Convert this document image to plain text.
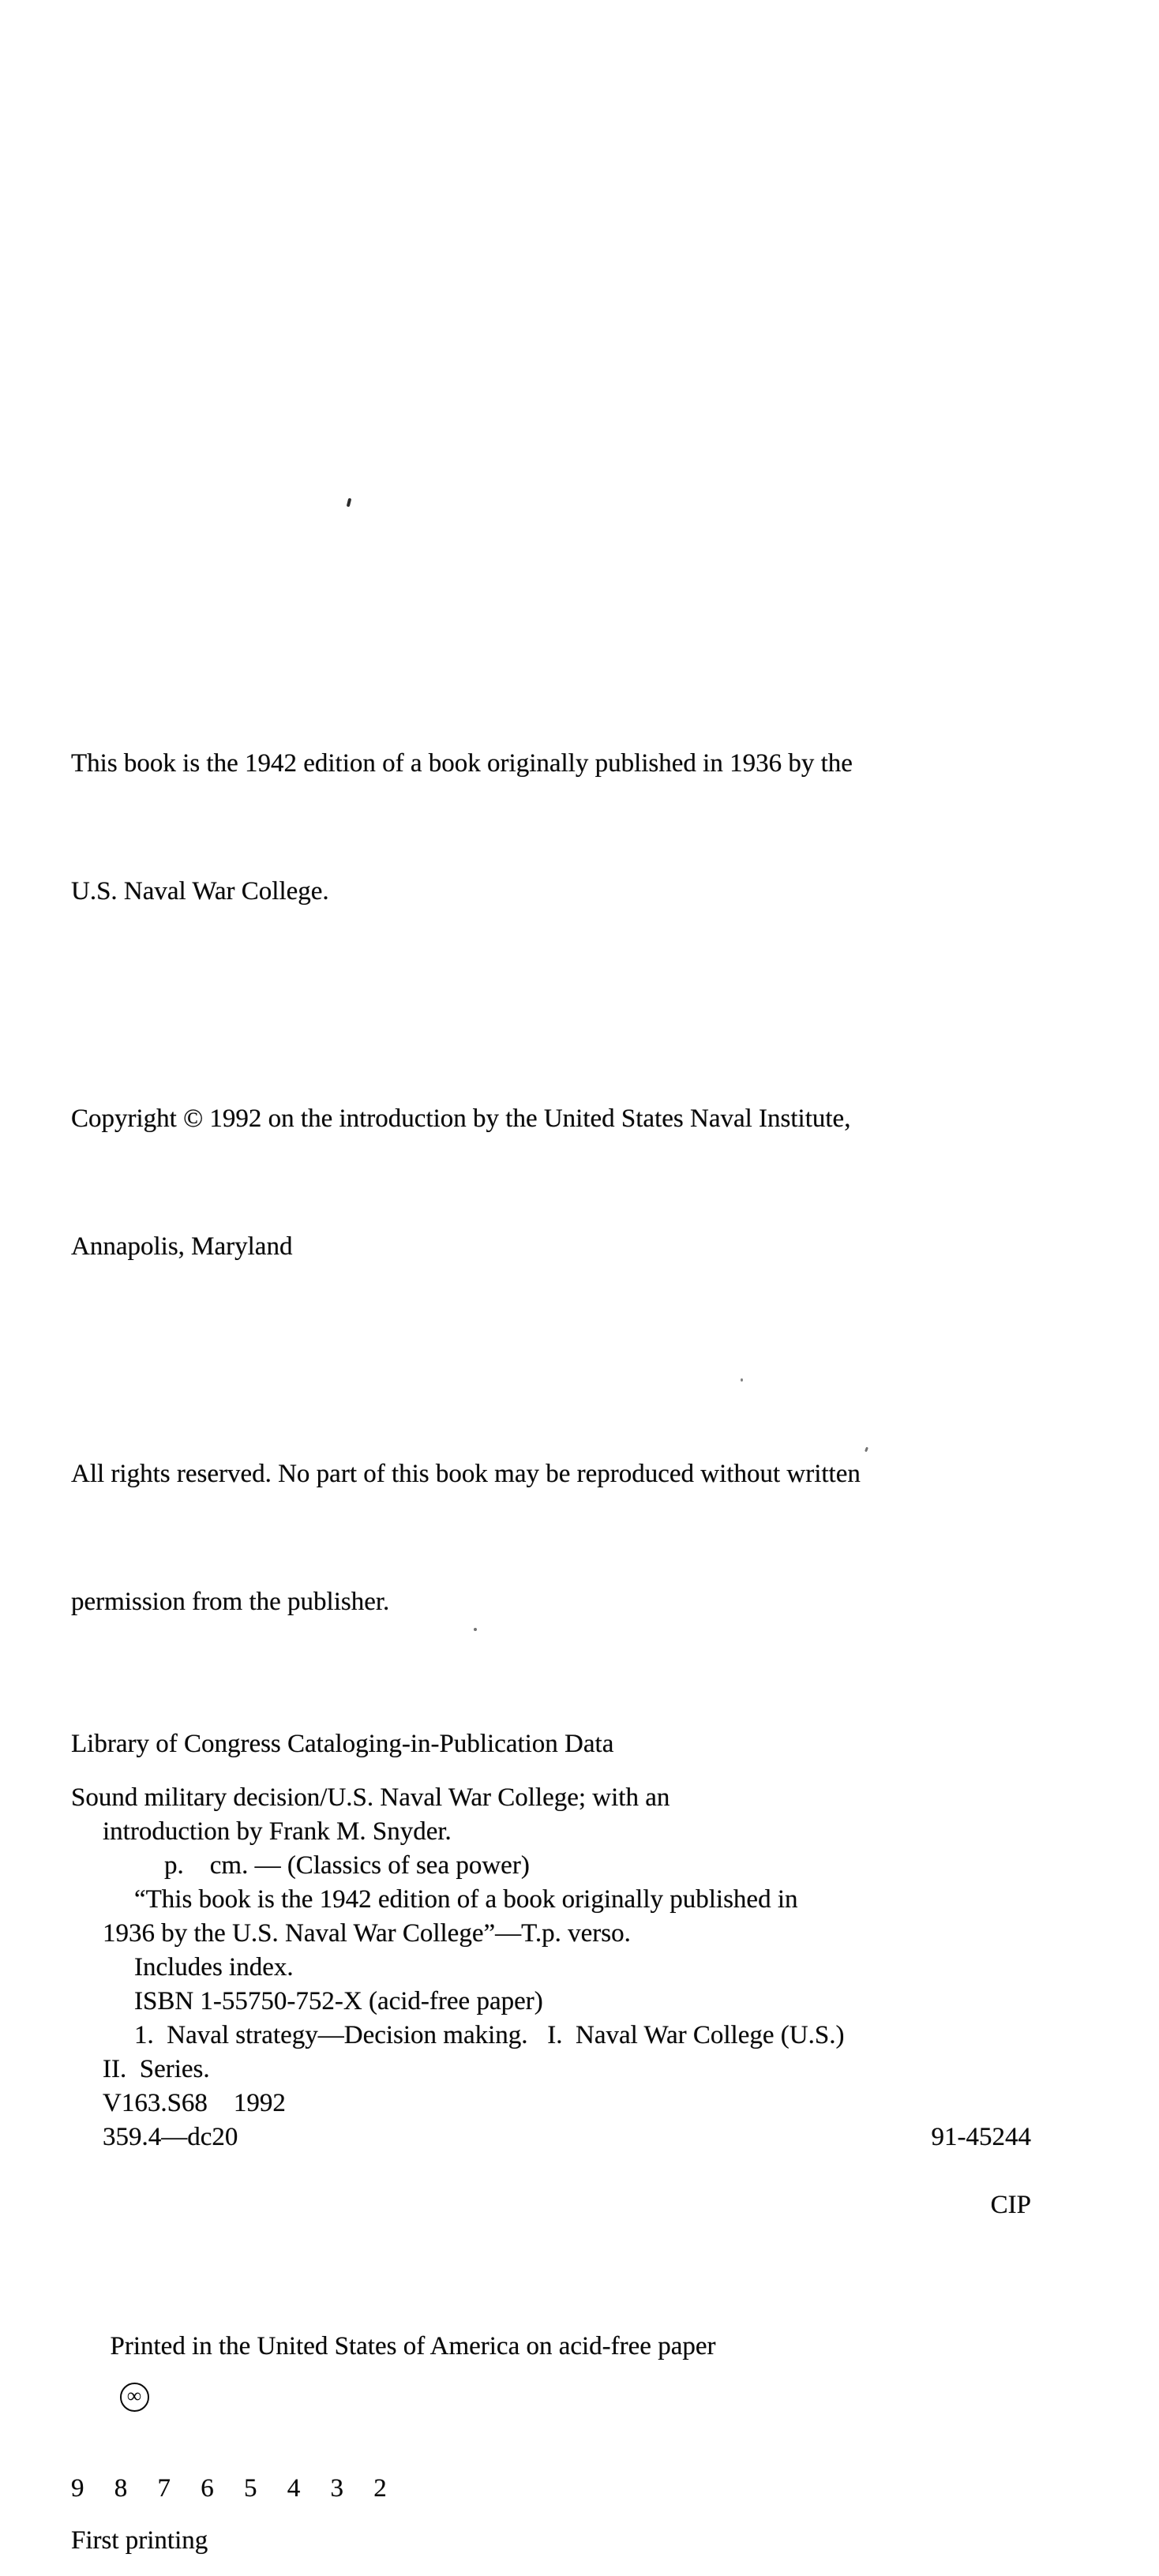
This book is the 1942 edition of a book originally published in 1936 by the

U.S. Naval War College.

Copyright © 1992 on the introduction by the United States Naval Institute,

Annapolis, Maryland

All rights reserved. No part of this book may be reproduced without written

permission from the publisher.

Library of Congress Cataloging-in-Publication Data
Sound military decision/U.S. Naval War College; with an
introduction by Frank M. Snyder.
p.    cm. — (Classics of sea power)
“This book is the 1942 edition of a book originally published in
1936 by the U.S. Naval War College”—T.p. verso.
Includes index.
ISBN 1-55750-752-X (acid-free paper)
1.  Naval strategy—Decision making.   I.  Naval War College (U.S.)
II.  Series.
V163.S68    1992
359.4—dc20	91-45244

CIP

Printed in the United States of America on acid-free paper
∞

9 8 7 6 5 4 3 2
First printing
